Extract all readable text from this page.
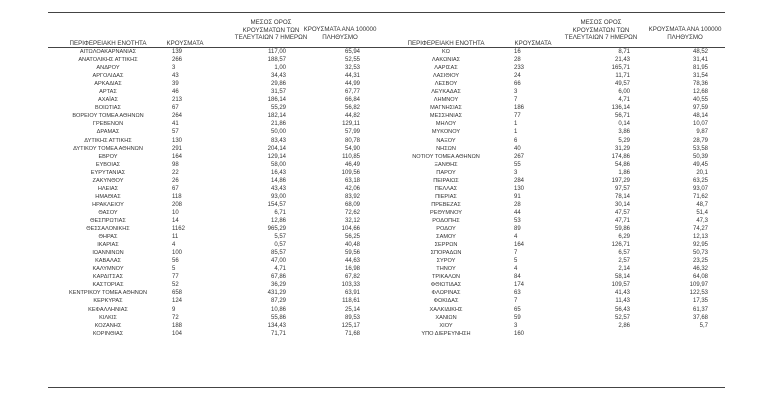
ΠΕΡΙΦΕΡΕΙΑΚΗ ΕΝΟΤΗΤΑ	ΚΡΟΥΣΜΑΤΑ
ΜΕΣΟΣ ΟΡΟΣ
ΚΡΟΥΣΜΑΤΩΝ ΤΩΝ
ΤΕΛΕΥΤΑΙΩΝ 7 ΗΜΕΡΩΝ
ΚΡΟΥΣΜΑΤΑ ΑΝΑ 100000
ΠΛΗΘΥΣΜΟ
ΠΕΡΙΦΕΡΕΙΑΚΗ ΕΝΟΤΗΤΑ	ΚΡΟΥΣΜΑΤΑ
ΜΕΣΟΣ ΟΡΟΣ
ΚΡΟΥΣΜΑΤΩΝ ΤΩΝ
ΤΕΛΕΥΤΑΙΩΝ 7 ΗΜΕΡΩΝ
ΚΡΟΥΣΜΑΤΑ ΑΝΑ 100000
ΠΛΗΘΥΣΜΟ
ΑΙΤΩΛΟΑΚΑΡΝΑΝΙΑΣ
ΑΝΑΤΟΛΙΚΗΣ ΑΤΤΙΚΗΣ
ΑΝΔΡΟΥ
ΑΡΓΟΛΙΔΑΣ
ΑΡΚΑΔΙΑΣ
ΑΡΤΑΣ
ΑΧΑΪΑΣ
ΒΟΙΩΤΙΑΣ
ΒΟΡΕΙΟΥ ΤΟΜΕΑ ΑΘΗΝΩΝ
ΓΡΕΒΕΝΩΝ
ΔΡΑΜΑΣ
ΔΥΤΙΚΗΣ ΑΤΤΙΚΗΣ
ΔΥΤΙΚΟΥ ΤΟΜΕΑ ΑΘΗΝΩΝ
ΕΒΡΟΥ
ΕΥΒΟΙΑΣ
ΕΥΡΥΤΑΝΙΑΣ
ΖΑΚΥΝΘΟΥ
ΗΛΕΙΑΣ
ΗΜΑΘΙΑΣ
ΗΡΑΚΛΕΙΟΥ
ΘΑΣΟΥ
ΘΕΣΠΡΩΤΙΑΣ
ΘΕΣΣΑΛΟΝΙΚΗΣ
ΘΗΡΑΣ
ΙΚΑΡΙΑΣ
ΙΩΑΝΝΙΝΩΝ
ΚΑΒΑΛΑΣ
ΚΑΛΥΜΝΟΥ
ΚΑΡΔΙΤΣΑΣ
ΚΑΣΤΟΡΙΑΣ
ΚΕΝΤΡΙΚΟΥ ΤΟΜΕΑ ΑΘΗΝΩΝ
ΚΕΡΚΥΡΑΣ
ΚΕΦΑΛΛΗΝΙΑΣ
ΚΙΛΚΙΣ
ΚΟΖΑΝΗΣ
ΚΟΡΙΝΘΙΑΣ
139
266
3
43
39
46
213
67
264
41
57
130
291
164
98
22
26
67
118
208
10
14
1162
11
4
100
56
5
77
52
658
124
9
72
188
104
117,00
188,57
1,00
34,43
29,86
31,57
186,14
55,29
182,14
21,86
50,00
83,43
204,14
129,14
58,00
16,43
14,86
43,43
93,00
154,57
6,71
12,86
965,29
5,57
0,57
85,57
47,00
4,71
67,86
36,29
431,29
87,29
10,86
55,86
134,43
71,71
65,94
52,55
32,53
44,31
44,99
67,77
66,84
56,82
44,82
129,11
57,99
80,78
54,90
110,85
46,49
109,56
63,18
42,06
83,92
68,09
72,62
32,12
104,66
56,25
40,48
59,56
44,63
16,98
67,82
103,33
63,91
118,61
25,14
89,53
125,17
71,68
ΚΩ
ΛΑΚΩΝΙΑΣ
ΛΑΡΙΣΑΣ
ΛΑΣΙΘΙΟΥ
ΛΕΣΒΟΥ
ΛΕΥΚΑΔΑΣ
ΛΗΜΝΟΥ
ΜΑΓΝΗΣΙΑΣ
ΜΕΣΣΗΝΙΑΣ
ΜΗΛΟΥ
ΜΥΚΟΝΟΥ
ΝΑΞΟΥ
ΝΗΣΩΝ
ΝΟΤΙΟΥ ΤΟΜΕΑ ΑΘΗΝΩΝ
ΞΑΝΘΗΣ
ΠΑΡΟΥ
ΠΕΙΡΑΙΩΣ
ΠΕΛΛΑΣ
ΠΙΕΡΙΑΣ
ΠΡΕΒΕΖΑΣ
ΡΕΘΥΜΝΟΥ
ΡΟΔΟΠΗΣ
ΡΟΔΟΥ
ΣΑΜΟΥ
ΣΕΡΡΩΝ
ΣΠΟΡΑΔΩΝ
ΣΥΡΟΥ
ΤΗΝΟΥ
ΤΡΙΚΑΛΩΝ
ΦΘΙΩΤΙΔΑΣ
ΦΛΩΡΙΝΑΣ
ΦΩΚΙΔΑΣ
ΧΑΛΚΙΔΙΚΗΣ
ΧΑΝΙΩΝ
ΧΙΟΥ
ΥΠΟ ΔΙΕΡΕΥΝΗΣΗ
16
28
233
24
66
3
7
186
77
1
1
6
40
267
55
3
284
130
91
28
44
53
89
4
164
7
5
4
84
174
63
7
65
59
3
160
8,71
21,43
165,71
11,71
49,57
6,00
4,71
136,14
56,71
0,14
3,86
5,29
31,29
174,86
54,86
1,86
197,29
97,57
78,14
30,14
47,57
47,71
59,86
6,29
126,71
6,57
2,57
2,14
58,14
109,57
41,43
11,43
56,43
52,57
2,86
48,52
31,41
81,95
31,54
78,36
12,68
40,55
97,59
48,14
10,07
9,87
28,79
53,58
50,39
49,45
20,1
63,25
93,07
71,62
48,7
51,4
47,3
74,27
12,13
92,95
50,73
23,25
46,32
64,08
109,97
122,53
17,35
61,37
37,68
5,7
